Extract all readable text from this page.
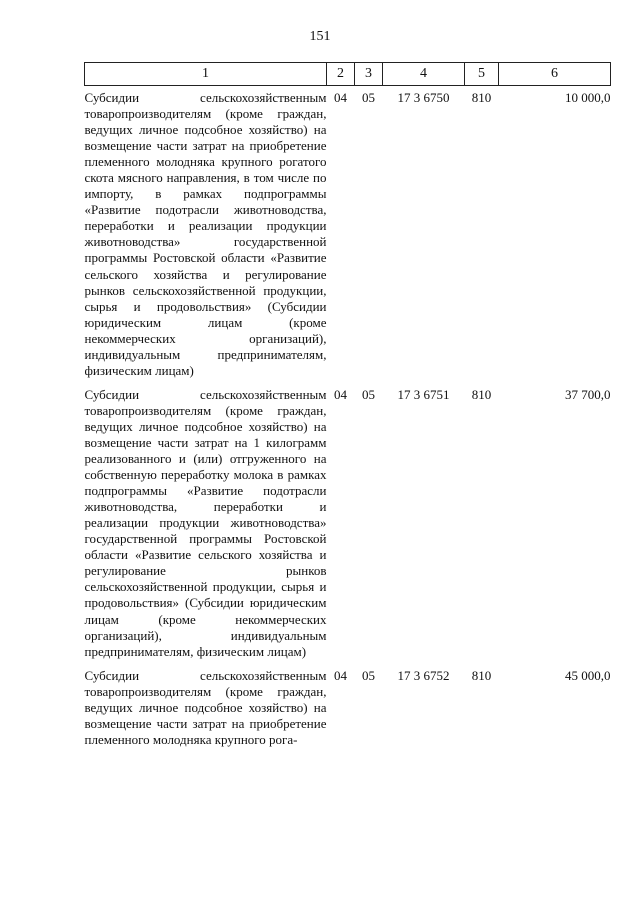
151
1	2	3	4	5	6

Субсидии сельскохозяйственным товаропроизводителям (кроме граждан, ведущих личное подсобное хозяйство) на возмещение части затрат на приобретение племенного молодняка крупного рогатого скота мясного направления, в том числе по импорту, в рамках подпрограммы «Развитие подотрасли животноводства, переработки и реализации продукции животноводства» государственной программы Ростовской области «Развитие сельского хозяйства и регулирование рынков сельскохозяйственной продукции, сырья и продовольствия» (Субсидии юридическим лицам (кроме некоммерческих организаций), индивидуальным предпринимателям, физическим лицам)	04	05	17 3 6750	810	10 000,0

Субсидии сельскохозяйственным товаропроизводителям (кроме граждан, ведущих личное подсобное хозяйство) на возмещение части затрат на 1 килограмм реализованного и (или) отгруженного на собственную переработку молока в рамках подпрограммы «Развитие подотрасли животноводства, переработки и реализации продукции животноводства» государственной программы Ростовской области «Развитие сельского хозяйства и регулирование рынков сельскохозяйственной продукции, сырья и продовольствия» (Субсидии юридическим лицам (кроме некоммерческих организаций), индивидуальным предпринимателям, физическим лицам)	04	05	17 3 6751	810	37 700,0

Субсидии сельскохозяйственным товаропроизводителям (кроме граждан, ведущих личное подсобное хозяйство) на возмещение части затрат на приобретение племенного молодняка крупного рога-	04	05	17 3 6752	810	45 000,0
